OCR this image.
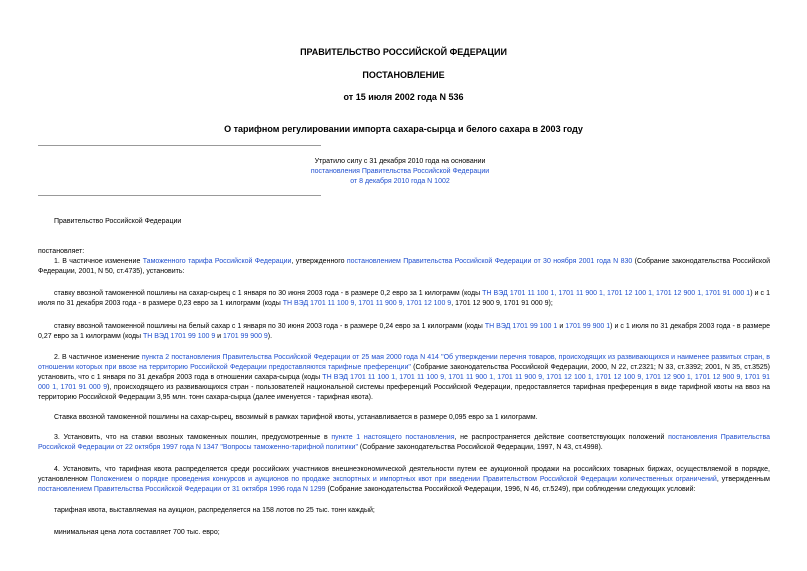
ПРАВИТЕЛЬСТВО РОССИЙСКОЙ ФЕДЕРАЦИИ
ПОСТАНОВЛЕНИЕ
от 15 июля 2002 года N 536
О тарифном регулировании импорта сахара-сырца и белого сахара в 2003 году
Утратило силу с 31 декабря 2010 года на основании
постановления Правительства Российской Федерации
от 8 декабря 2010 года N 1002
Правительство Российской Федерации
постановляет:
1. В частичное изменение Таможенного тарифа Российской Федерации, утвержденного постановлением Правительства Российской Федерации от 30 ноября 2001 года N 830 (Собрание законодательства Российской Федерации, 2001, N 50, ст.4735), установить:
ставку ввозной таможенной пошлины на сахар-сырец с 1 января по 30 июня 2003 года - в размере 0,2 евро за 1 килограмм (коды ТН ВЭД 1701 11 100 1, 1701 11 900 1, 1701 12 100 1, 1701 12 900 1, 1701 91 000 1) и с 1 июля по 31 декабря 2003 года - в размере 0,23 евро за 1 килограмм (коды ТН ВЭД 1701 11 100 9, 1701 11 900 9, 1701 12 100 9, 1701 12 900 9, 1701 91 000 9);
ставку ввозной таможенной пошлины на белый сахар с 1 января по 30 июня 2003 года - в размере 0,24 евро за 1 килограмм (коды ТН ВЭД 1701 99 100 1 и 1701 99 900 1) и с 1 июля по 31 декабря 2003 года - в размере 0,27 евро за 1 килограмм (коды ТН ВЭД 1701 99 100 9 и 1701 99 900 9).
2. В частичное изменение пункта 2 постановления Правительства Российской Федерации от 25 мая 2000 года N 414 "Об утверждении перечня товаров, происходящих из развивающихся и наименее развитых стран, в отношении которых при ввозе на территорию Российской Федерации предоставляются тарифные преференции" (Собрание законодательства Российской Федерации, 2000, N 22, ст.2321; N 33, ст.3392; 2001, N 35, ст.3525) установить, что с 1 января по 31 декабря 2003 года в отношении сахара-сырца (коды ТН ВЭД 1701 11 100 1, 1701 11 100 9, 1701 11 900 1, 1701 11 900 9, 1701 12 100 1, 1701 12 100 9, 1701 12 900 1, 1701 12 900 9, 1701 91 000 1, 1701 91 000 9), происходящего из развивающихся стран - пользователей национальной системы преференций Российской Федерации, предоставляется тарифная преференция в виде тарифной квоты на ввоз на территорию Российской Федерации 3,95 млн. тонн сахара-сырца (далее именуется - тарифная квота).
Ставка ввозной таможенной пошлины на сахар-сырец, ввозимый в рамках тарифной квоты, устанавливается в размере 0,095 евро за 1 килограмм.
3. Установить, что на ставки ввозных таможенных пошлин, предусмотренные в пункте 1 настоящего постановления, не распространяется действие соответствующих положений постановления Правительства Российской Федерации от 22 октября 1997 года N 1347 "Вопросы таможенно-тарифной политики" (Собрание законодательства Российской Федерации, 1997, N 43, ст.4998).
4. Установить, что тарифная квота распределяется среди российских участников внешнеэкономической деятельности путем ее аукционной продажи на российских товарных биржах, осуществляемой в порядке, установленном Положением о порядке проведения конкурсов и аукционов по продаже экспортных и импортных квот при введении Правительством Российской Федерации количественных ограничений, утвержденным постановлением Правительства Российской Федерации от 31 октября 1996 года N 1299 (Собрание законодательства Российской Федерации, 1996, N 46, ст.5249), при соблюдении следующих условий:
тарифная квота, выставляемая на аукцион, распределяется на 158 лотов по 25 тыс. тонн каждый;
минимальная цена лота составляет 700 тыс. евро;
